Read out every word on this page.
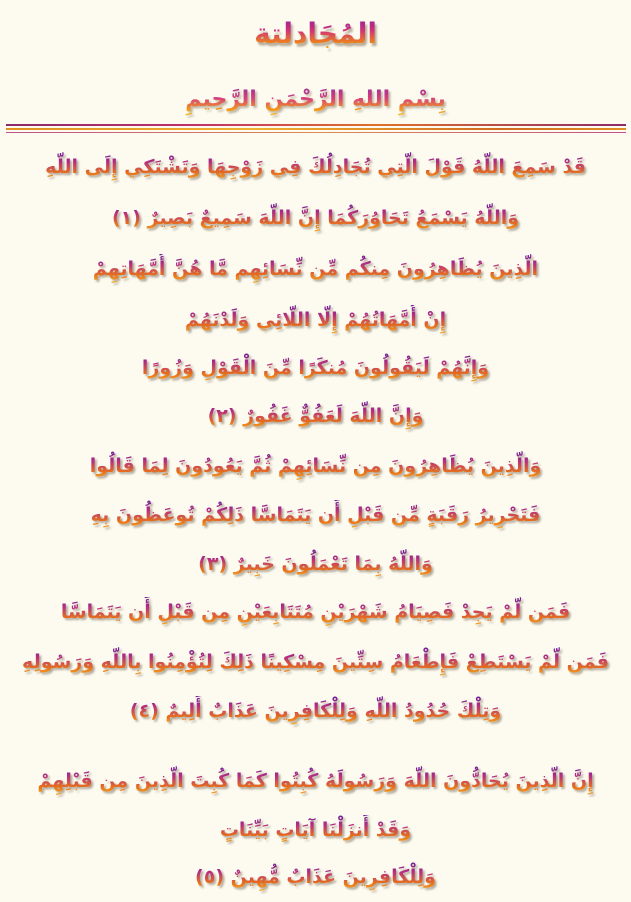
المُجَادلتة
بِسْمِ اللهِ الرَّحْمَنِ الرَّحِيمِ
قَدْ سَمِعَ اللَّهُ قَوْلَ الَّتِي تُجَادِلُكَ فِي زَوْجِهَا وَتَشْتَكِي إِلَى اللَّهِ
وَاللَّهُ يَسْمَعُ تَحَاوُرَكُمَا إِنَّ اللَّهَ سَمِيعٌ بَصِيرٌ (١)
الَّذِينَ يُظَاهِرُونَ مِنكُم مِّن نِّسَائِهِم مَّا هُنَّ أُمَّهَاتِهِمْ
إِنْ أُمَّهَاتُهُمْ إِلَّا اللَّائِي وَلَدْنَهُمْ
وَإِنَّهُمْ لَيَقُولُونَ مُنكَرًا مِّنَ الْقَوْلِ وَزُورًا
وَإِنَّ اللَّهَ لَعَفُوٌّ غَفُورٌ (٢)
وَالَّذِينَ يُظَاهِرُونَ مِن نِّسَائِهِمْ ثُمَّ يَعُودُونَ لِمَا قَالُوا
فَتَحْرِيرُ رَقَبَةٍ مِّن قَبْلِ أَن يَتَمَاسَّا ذَلِكُمْ تُوعَظُونَ بِهِ
وَاللَّهُ بِمَا تَعْمَلُونَ خَبِيرٌ (٣)
فَمَن لَّمْ يَجِدْ فَصِيَامُ شَهْرَيْنِ مُتَتَابِعَيْنِ مِن قَبْلِ أَن يَتَمَاسَّا
فَمَن لَّمْ يَسْتَطِعْ فَإِطْعَامُ سِتِّينَ مِسْكِينًا ذَلِكَ لِتُؤْمِنُوا بِاللَّهِ وَرَسُولِهِ
وَتِلْكَ حُدُودُ اللَّهِ وَلِلْكَافِرِينَ عَذَابٌ أَلِيمٌ (٤)
إِنَّ الَّذِينَ يُحَادُّونَ اللَّهَ وَرَسُولَهُ كُبِتُوا كَمَا كُبِتَ الَّذِينَ مِن قَبْلِهِمْ
وَقَدْ أَنزَلْنَا آيَاتٍ بَيِّنَاتٍ
وَلِلْكَافِرِينَ عَذَابٌ مُّهِينٌ (٥)
